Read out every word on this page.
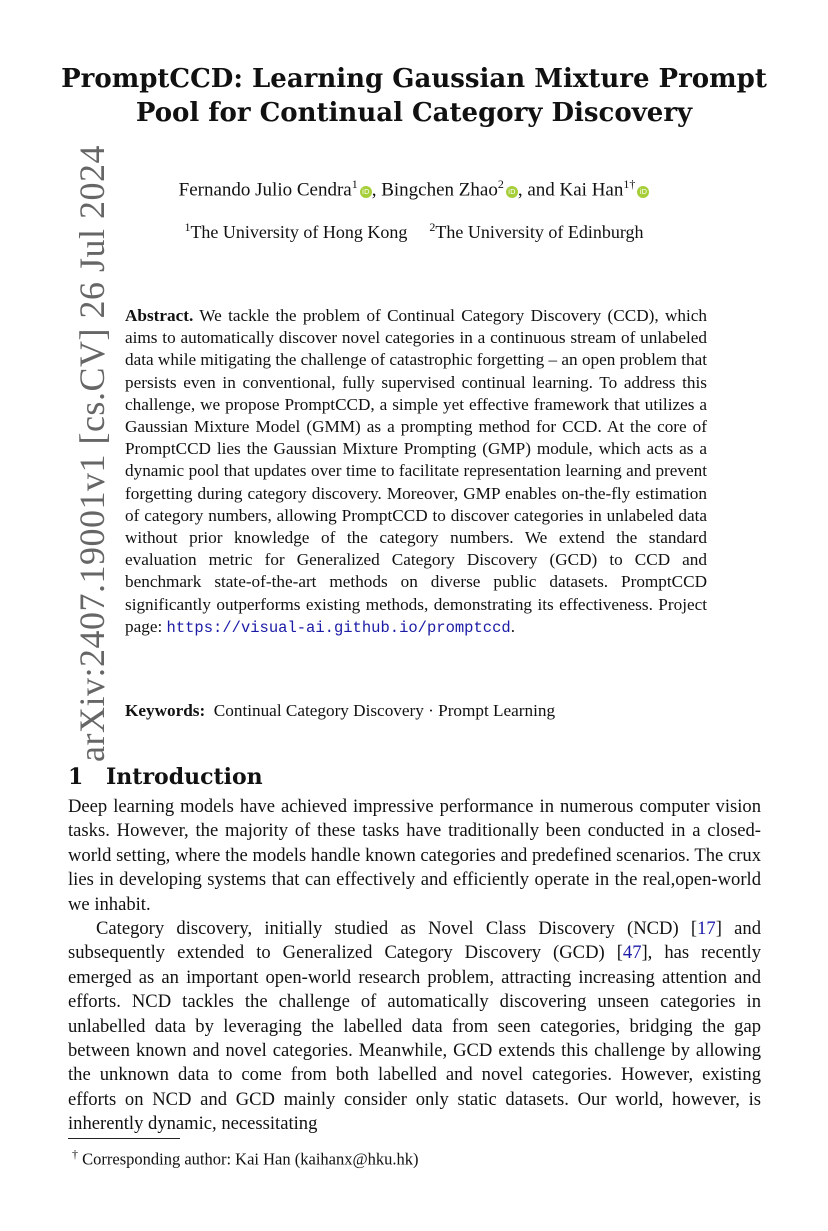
arXiv:2407.19001v1 [cs.CV] 26 Jul 2024
PromptCCD: Learning Gaussian Mixture Prompt
Pool for Continual Category Discovery
Fernando Julio Cendra$^1$iD , Bingchen Zhao$^2$iD , and Kai Han$^{1\dagger}$iD
$^1$The University of Hong Kong $^2$The University of Edinburgh
Abstract. We tackle the problem of Continual Category Discovery (CCD), which aims to automatically discover novel categories in a continuous stream of unlabeled data while mitigating the challenge of catastrophic forgetting – an open problem that persists even in conventional, fully supervised continual learning. To address this challenge, we propose PromptCCD, a simple yet effective framework that utilizes a Gaussian Mixture Model (GMM) as a prompting method for CCD. At the core of PromptCCD lies the Gaussian Mixture Prompting (GMP) module, which acts as a dynamic pool that updates over time to facilitate representation learning and prevent forgetting during category discovery. Moreover, GMP enables on-the-fly estimation of category numbers, allowing PromptCCD to discover categories in unlabeled data without prior knowledge of the category numbers. We extend the standard evaluation metric for Generalized Category Discovery (GCD) to CCD and benchmark state-of-the-art methods on diverse public datasets. PromptCCD significantly outperforms existing methods, demonstrating its effectiveness. Project page: https://visual-ai.github.io/promptccd.
Keywords: Continual Category Discovery · Prompt Learning
1 Introduction

Deep learning models have achieved impressive performance in numerous computer vision tasks. However, the majority of these tasks have traditionally been conducted in a closed-world setting, where the models handle known categories and predefined scenarios. The crux lies in developing systems that can effectively and efficiently operate in the real,open-world we inhabit.

Category discovery, initially studied as Novel Class Discovery (NCD) [17] and subsequently extended to Generalized Category Discovery (GCD) [47], has recently emerged as an important open-world research problem, attracting increasing attention and efforts. NCD tackles the challenge of automatically discovering unseen categories in unlabelled data by leveraging the labelled data from seen categories, bridging the gap between known and novel categories. Meanwhile, GCD extends this challenge by allowing the unknown data to come from both labelled and novel categories. However, existing efforts on NCD and GCD mainly consider only static datasets. Our world, however, is inherently dynamic, necessitating

† Corresponding author: Kai Han (kaihanx@hku.hk)
